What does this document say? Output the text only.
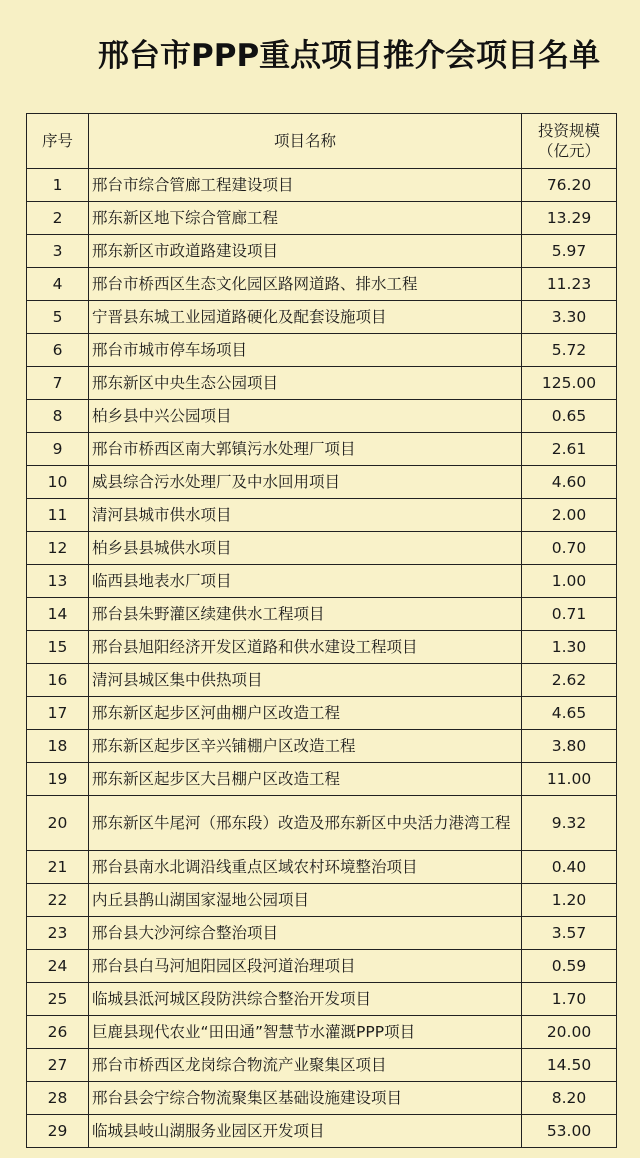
邢台市PPP重点项目推介会项目名单
序号	项目名称	投资规模
（亿元）
1	邢台市综合管廊工程建设项目	76.20
2	邢东新区地下综合管廊工程	13.29
3	邢东新区市政道路建设项目	5.97
4	邢台市桥西区生态文化园区路网道路、排水工程	11.23
5	宁晋县东城工业园道路硬化及配套设施项目	3.30
6	邢台市城市停车场项目	5.72
7	邢东新区中央生态公园项目	125.00
8	柏乡县中兴公园项目	0.65
9	邢台市桥西区南大郭镇污水处理厂项目	2.61
10	威县综合污水处理厂及中水回用项目	4.60
11	清河县城市供水项目	2.00
12	柏乡县县城供水项目	0.70
13	临西县地表水厂项目	1.00
14	邢台县朱野灌区续建供水工程项目	0.71
15	邢台县旭阳经济开发区道路和供水建设工程项目	1.30
16	清河县城区集中供热项目	2.62
17	邢东新区起步区河曲棚户区改造工程	4.65
18	邢东新区起步区辛兴铺棚户区改造工程	3.80
19	邢东新区起步区大吕棚户区改造工程	11.00
20	邢东新区牛尾河（邢东段）改造及邢东新区中央活力港湾工程	9.32
21	邢台县南水北调沿线重点区域农村环境整治项目	0.40
22	内丘县鹊山湖国家湿地公园项目	1.20
23	邢台县大沙河综合整治项目	3.57
24	邢台县白马河旭阳园区段河道治理项目	0.59
25	临城县泜河城区段防洪综合整治开发项目	1.70
26	巨鹿县现代农业“田田通”智慧节水灌溉PPP项目	20.00
27	邢台市桥西区龙岗综合物流产业聚集区项目	14.50
28	邢台县会宁综合物流聚集区基础设施建设项目	8.20
29	临城县岐山湖服务业园区开发项目	53.00
